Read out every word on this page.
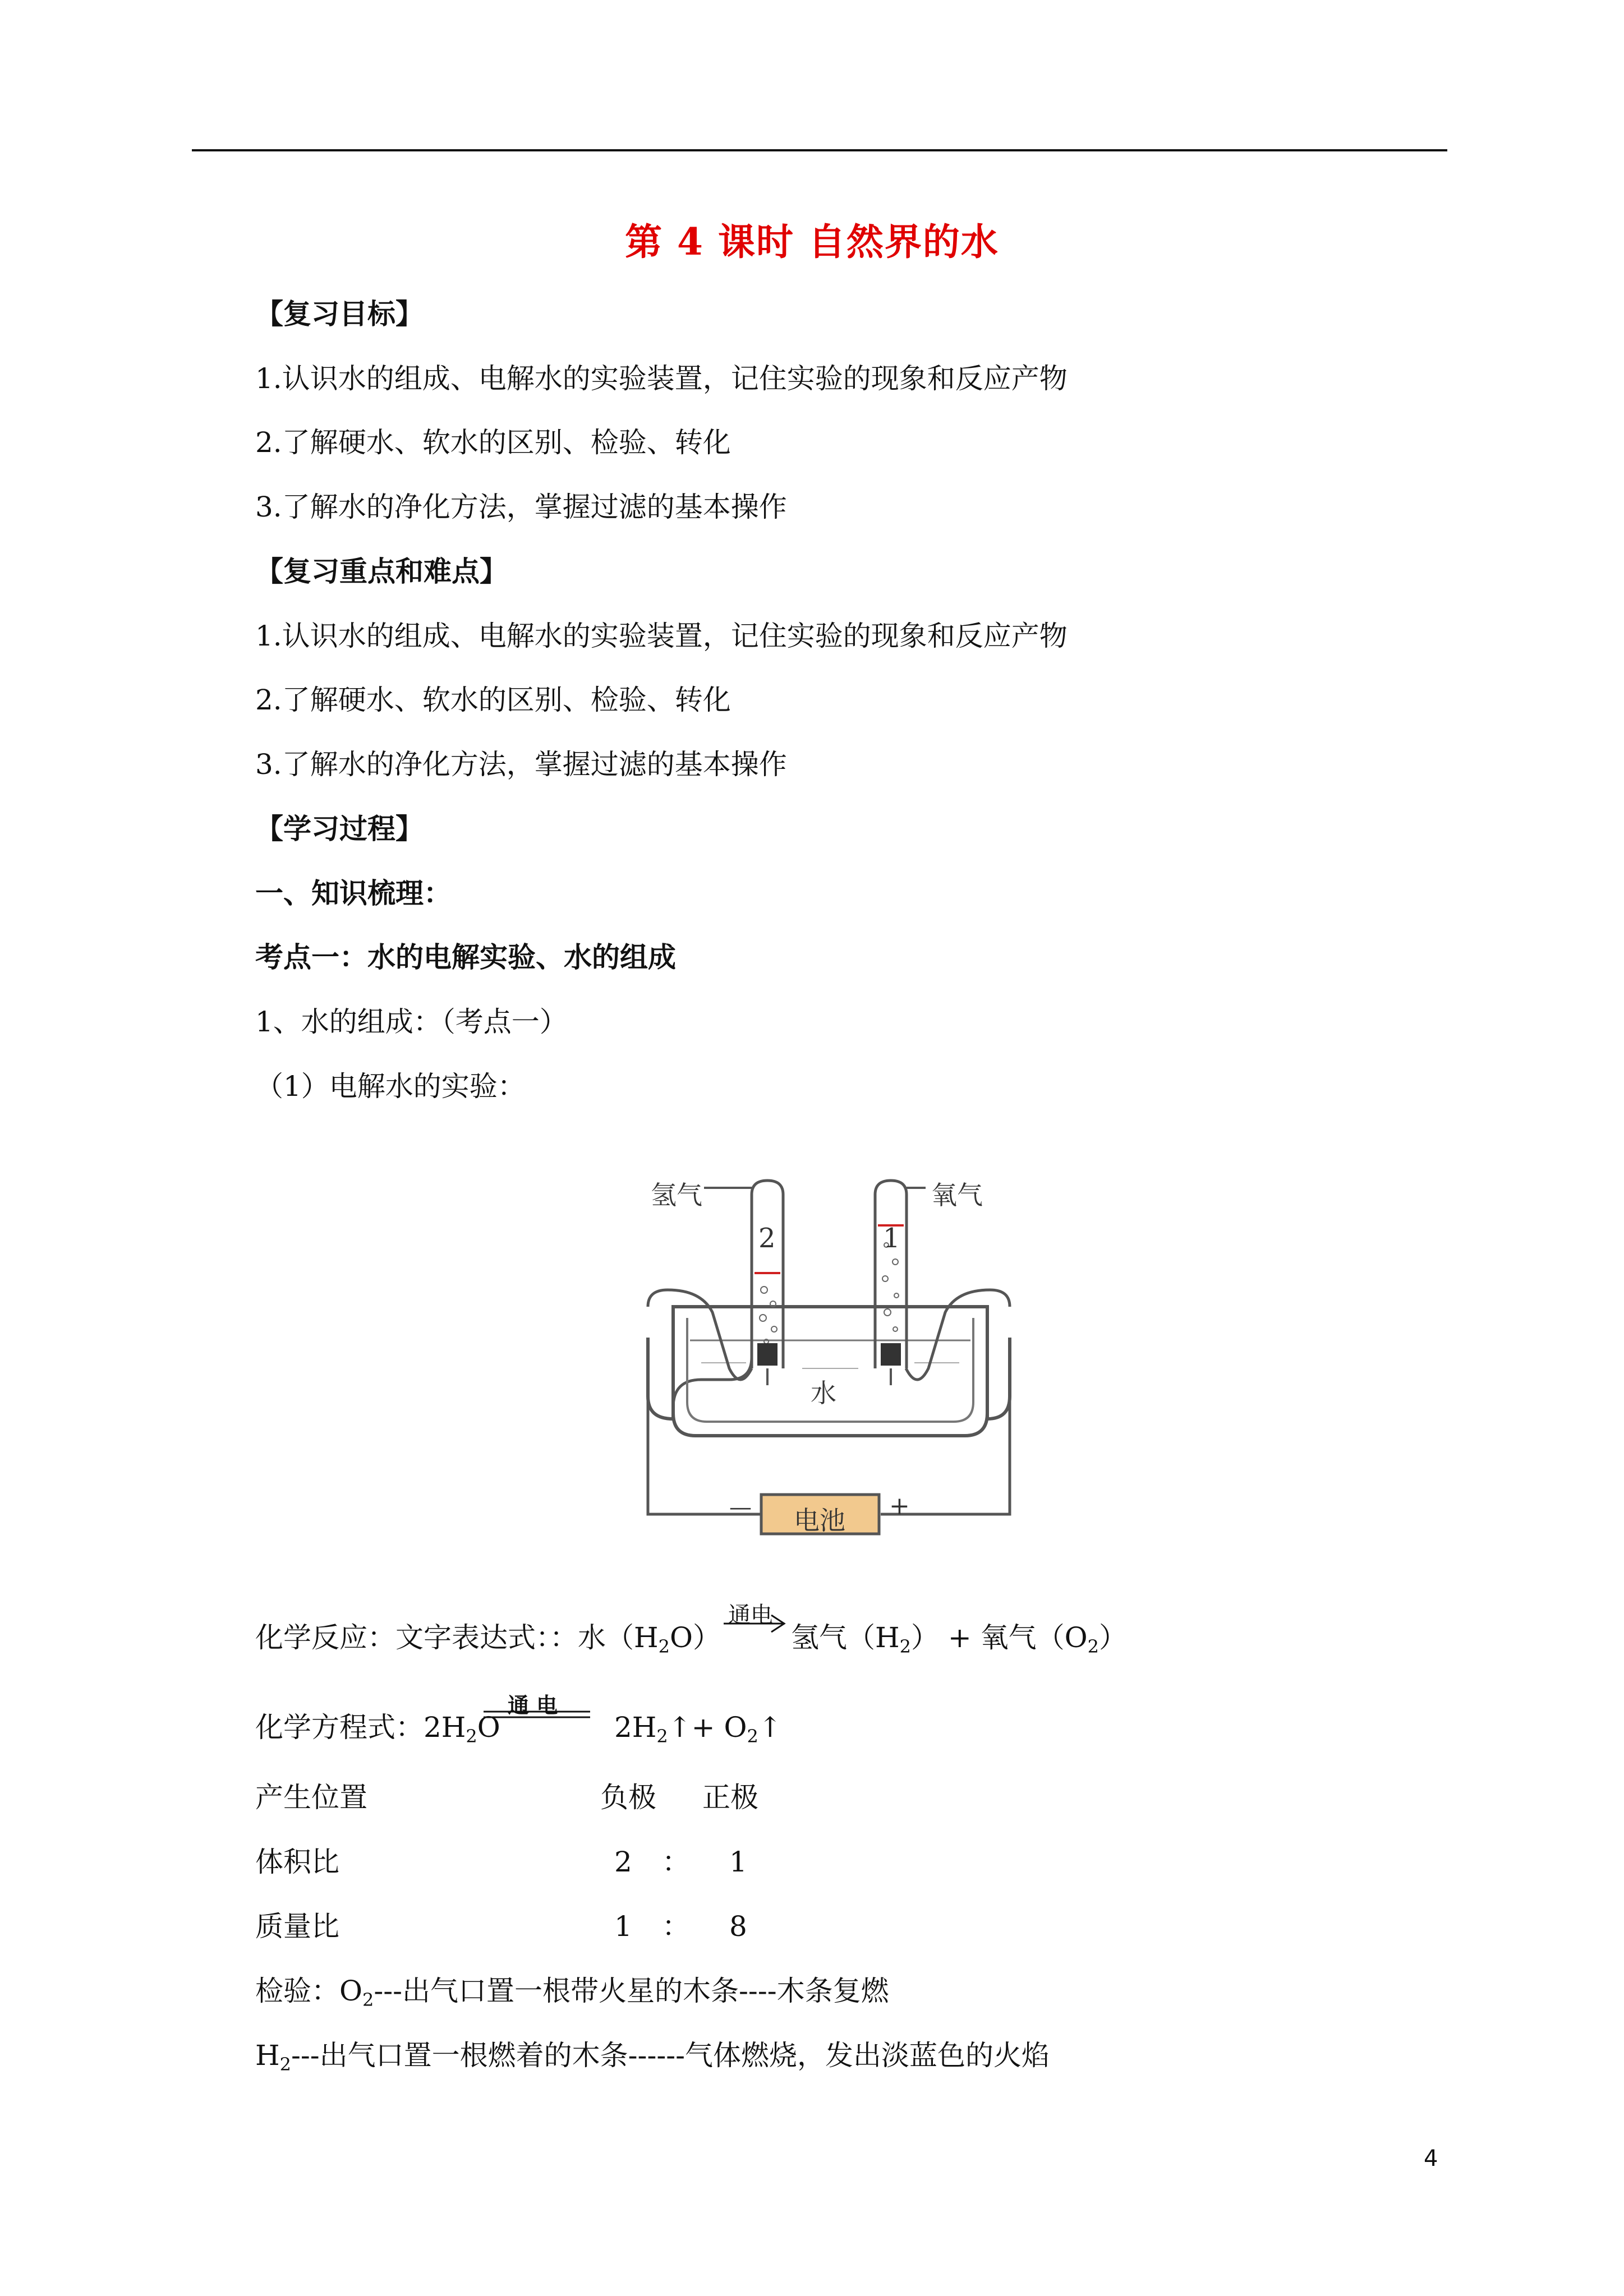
第 4 课时 自然界的水
【复习目标】
1.认识水的组成、电解水的实验装置，记住实验的现象和反应产物
2.了解硬水、软水的区别、检验、转化
3.了解水的净化方法，掌握过滤的基本操作
【复习重点和难点】
1.认识水的组成、电解水的实验装置，记住实验的现象和反应产物
2.了解硬水、软水的区别、检验、转化
3.了解水的净化方法，掌握过滤的基本操作
【学习过程】
一、知识梳理：
考点一：水的电解实验、水的组成
1、水的组成：（考点一）
（1）电解水的实验：
氢气	氧气
2	1
水
电池
—	+
化学反应：文字表达式：：水$(H_2O)$
通电
氢气$(H_2)$ + 氧气$(O_2)$
化学方程式：$2H_2O$
通 电
$2H_2↑+$ $O_2↑$
产生位置	负极 正极
体积比	2 ： 1
质量比	1 ： 8
检验：$O_2---$出气口置一根带火星的木条----木条复燃
$H_2---$出气口置一根燃着的木条------气体燃烧，发出淡蓝色的火焰
4
